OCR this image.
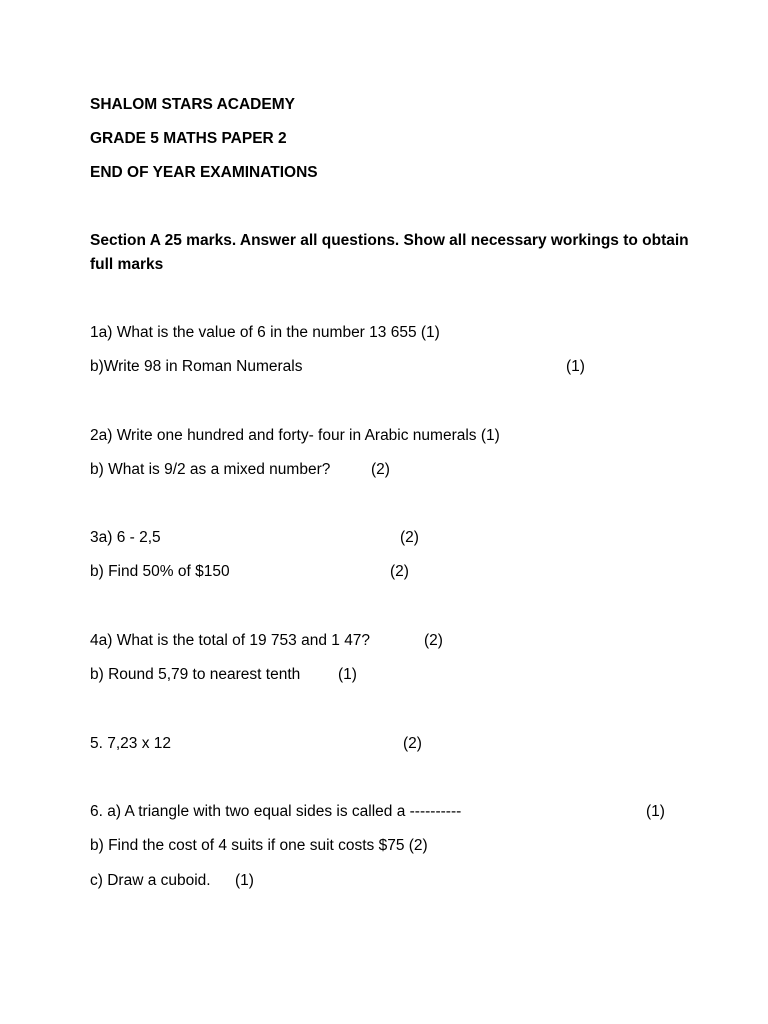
SHALOM STARS ACADEMY
GRADE 5 MATHS PAPER 2
END OF YEAR EXAMINATIONS
Section A 25 marks. Answer all questions. Show all necessary workings to obtain full marks
1a) What is the value of 6 in the number 13 655 (1)
b)Write 98 in Roman Numerals	(1)
2a) Write one hundred and forty- four in Arabic numerals (1)
b) What is 9/2 as a mixed number?	(2)
3a) 6 - 2,5	(2)
b) Find 50% of $150	(2)
4a) What is the total of 19 753 and 1 47?	(2)
b) Round 5,79 to nearest tenth (1)
5. 7,23 x 12	(2)
6. a) A triangle with two equal sides is called a ----------	(1)
b) Find the cost of 4 suits if one suit costs $75 (2)
c) Draw a cuboid. (1)
